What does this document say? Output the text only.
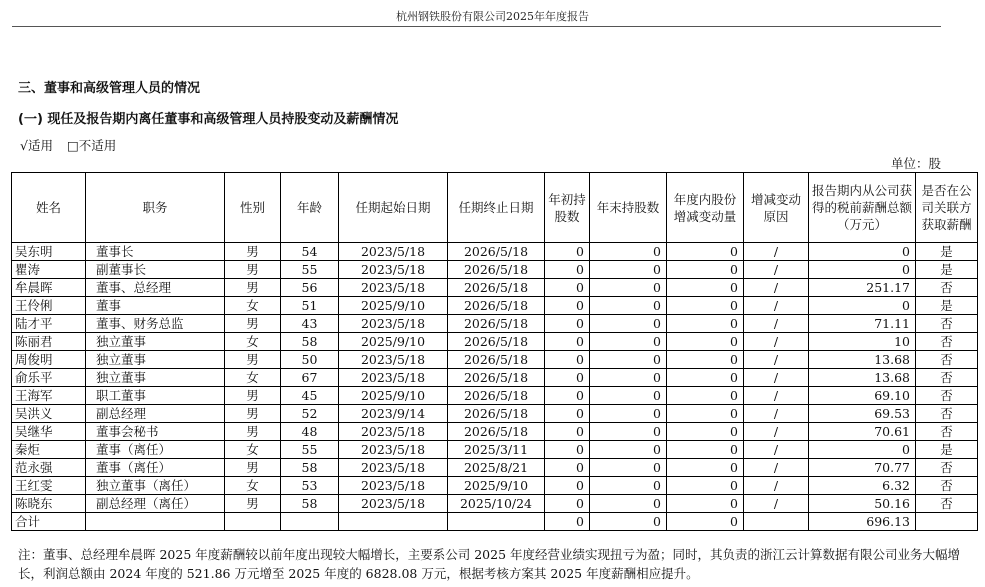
杭州钢铁股份有限公司2025年年度报告
三、董事和高级管理人员的情况
(一) 现任及报告期内离任董事和高级管理人员持股变动及薪酬情况
√适用 □不适用
单位：股
姓名	职务	性别	年龄	任期起始日期	任期终止日期	年初持股数	年末持股数	年度内股份增减变动量	增减变动原因	报告期内从公司获得的税前薪酬总额（万元）	是否在公司关联方获取薪酬
吴东明	董事长	男	54	2023/5/18	2026/5/18	0	0	0	/	0	是
瞿涛	副董事长	男	55	2023/5/18	2026/5/18	0	0	0	/	0	是
牟晨晖	董事、总经理	男	56	2023/5/18	2026/5/18	0	0	0	/	251.17	否
王伶俐	董事	女	51	2025/9/10	2026/5/18	0	0	0	/	0	是
陆才平	董事、财务总监	男	43	2023/5/18	2026/5/18	0	0	0	/	71.11	否
陈丽君	独立董事	女	58	2025/9/10	2026/5/18	0	0	0	/	10	否
周俊明	独立董事	男	50	2023/5/18	2026/5/18	0	0	0	/	13.68	否
俞乐平	独立董事	女	67	2023/5/18	2026/5/18	0	0	0	/	13.68	否
王海军	职工董事	男	45	2025/9/10	2026/5/18	0	0	0	/	69.10	否
吴洪义	副总经理	男	52	2023/9/14	2026/5/18	0	0	0	/	69.53	否
吴继华	董事会秘书	男	48	2023/5/18	2026/5/18	0	0	0	/	70.61	否
秦炬	董事（离任）	女	55	2023/5/18	2025/3/11	0	0	0	/	0	是
范永强	董事（离任）	男	58	2023/5/18	2025/8/21	0	0	0	/	70.77	否
王红雯	独立董事（离任）	女	53	2023/5/18	2025/9/10	0	0	0	/	6.32	否
陈晓东	副总经理（离任）	男	58	2023/5/18	2025/10/24	0	0	0	/	50.16	否
合计						0	0	0		696.13	
注：董事、总经理牟晨晖 2025 年度薪酬较以前年度出现较大幅增长，主要系公司 2025 年度经营业绩实现扭亏为盈；同时，其负责的浙江云计算数据有限公司业务大幅增长，利润总额由 2024 年度的 521.86 万元增至 2025 年度的 6828.08 万元，根据考核方案其 2025 年度薪酬相应提升。
